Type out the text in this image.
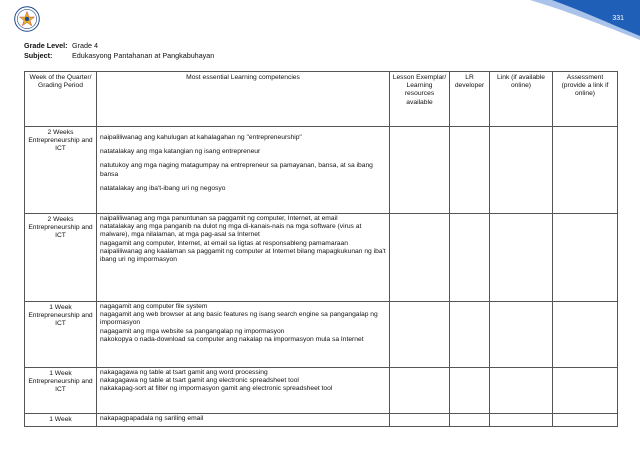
331
Grade Level: Grade 4
Subject:	Edukasyong Pantahanan at Pangkabuhayan
Week of the Quarter/ Grading Period	Most essential Learning competencies	Lesson Exemplar/ Learning resources available	LR developer	Link (if available online)	Assessment (provide a link if online)
2 Weeks Entrepreneurship and ICT	naipaliliwanag ang kahulugan at kahalagahan ng "entrepreneurship"

natatalakay ang mga katangian ng isang entrepreneur

natutukoy ang mga naging matagumpay na entrepreneur sa pamayanan, bansa, at sa ibang bansa

natatalakay ang iba't-ibang uri ng negosyo				

2 Weeks Entrepreneurship and ICT	naipaliliwanag ang mga panuntunan sa paggamit ng computer, Internet, at email

natatalakay ang mga panganib na dulot ng mga di-kanais-nais na mga software (virus at malware), mga nilalaman, at mga pag-asal sa Internet

nagagamit ang computer, Internet, at email sa ligtas at responsableng pamamaraan

naipaliliwanag ang kaalaman sa paggamit ng computer at Internet bilang mapagkukunan ng iba't ibang uri ng impormasyon				

1 Week Entrepreneurship and ICT	nagagamit ang computer file system

nagagamit ang web browser at ang basic features ng isang search engine sa pangangalap ng impormasyon

nagagamit ang mga website sa pangangalap ng impormasyon

nakokopya o nada-download sa computer ang nakalap na impormasyon mula sa Internet				

1 Week Entrepreneurship and ICT	nakagagawa ng table at tsart gamit ang word processing

nakagagawa ng table at tsart gamit ang electronic spreadsheet tool

nakakapag-sort at filter ng impormasyon gamit ang electronic spreadsheet tool				

1 Week	nakapagpapadala ng sariling email				
